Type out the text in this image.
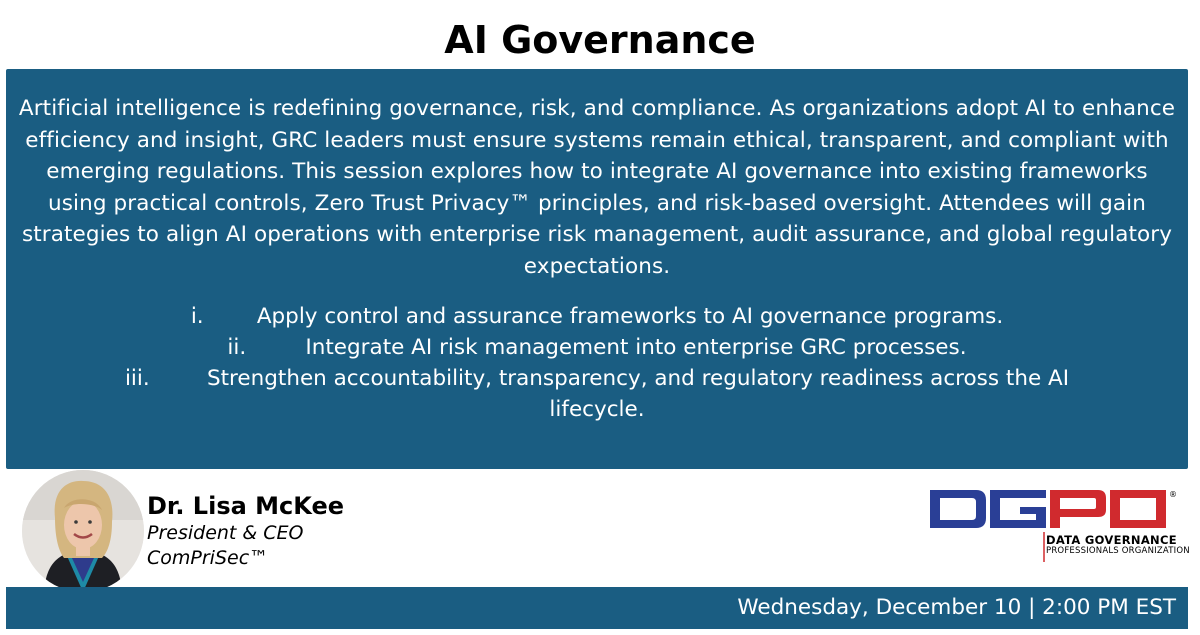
AI Governance
Artificial intelligence is redefining governance, risk, and compliance. As organizations adopt AI to enhance efficiency and insight, GRC leaders must ensure systems remain ethical, transparent, and compliant with emerging regulations. This session explores how to integrate AI governance into existing frameworks using practical controls, Zero Trust Privacy™ principles, and risk-based oversight. Attendees will gain strategies to align AI operations with enterprise risk management, audit assurance, and global regulatory expectations.
i. Apply control and assurance frameworks to AI governance programs.
ii.	Integrate AI risk management into enterprise GRC processes.
iii.	Strengthen accountability, transparency, and regulatory readiness across the AI
lifecycle.
Dr. Lisa McKee
President & CEO
ComPriSec™
®
DATA GOVERNANCE
PROFESSIONALS ORGANIZATION
Wednesday, December 10 | 2:00 PM EST
